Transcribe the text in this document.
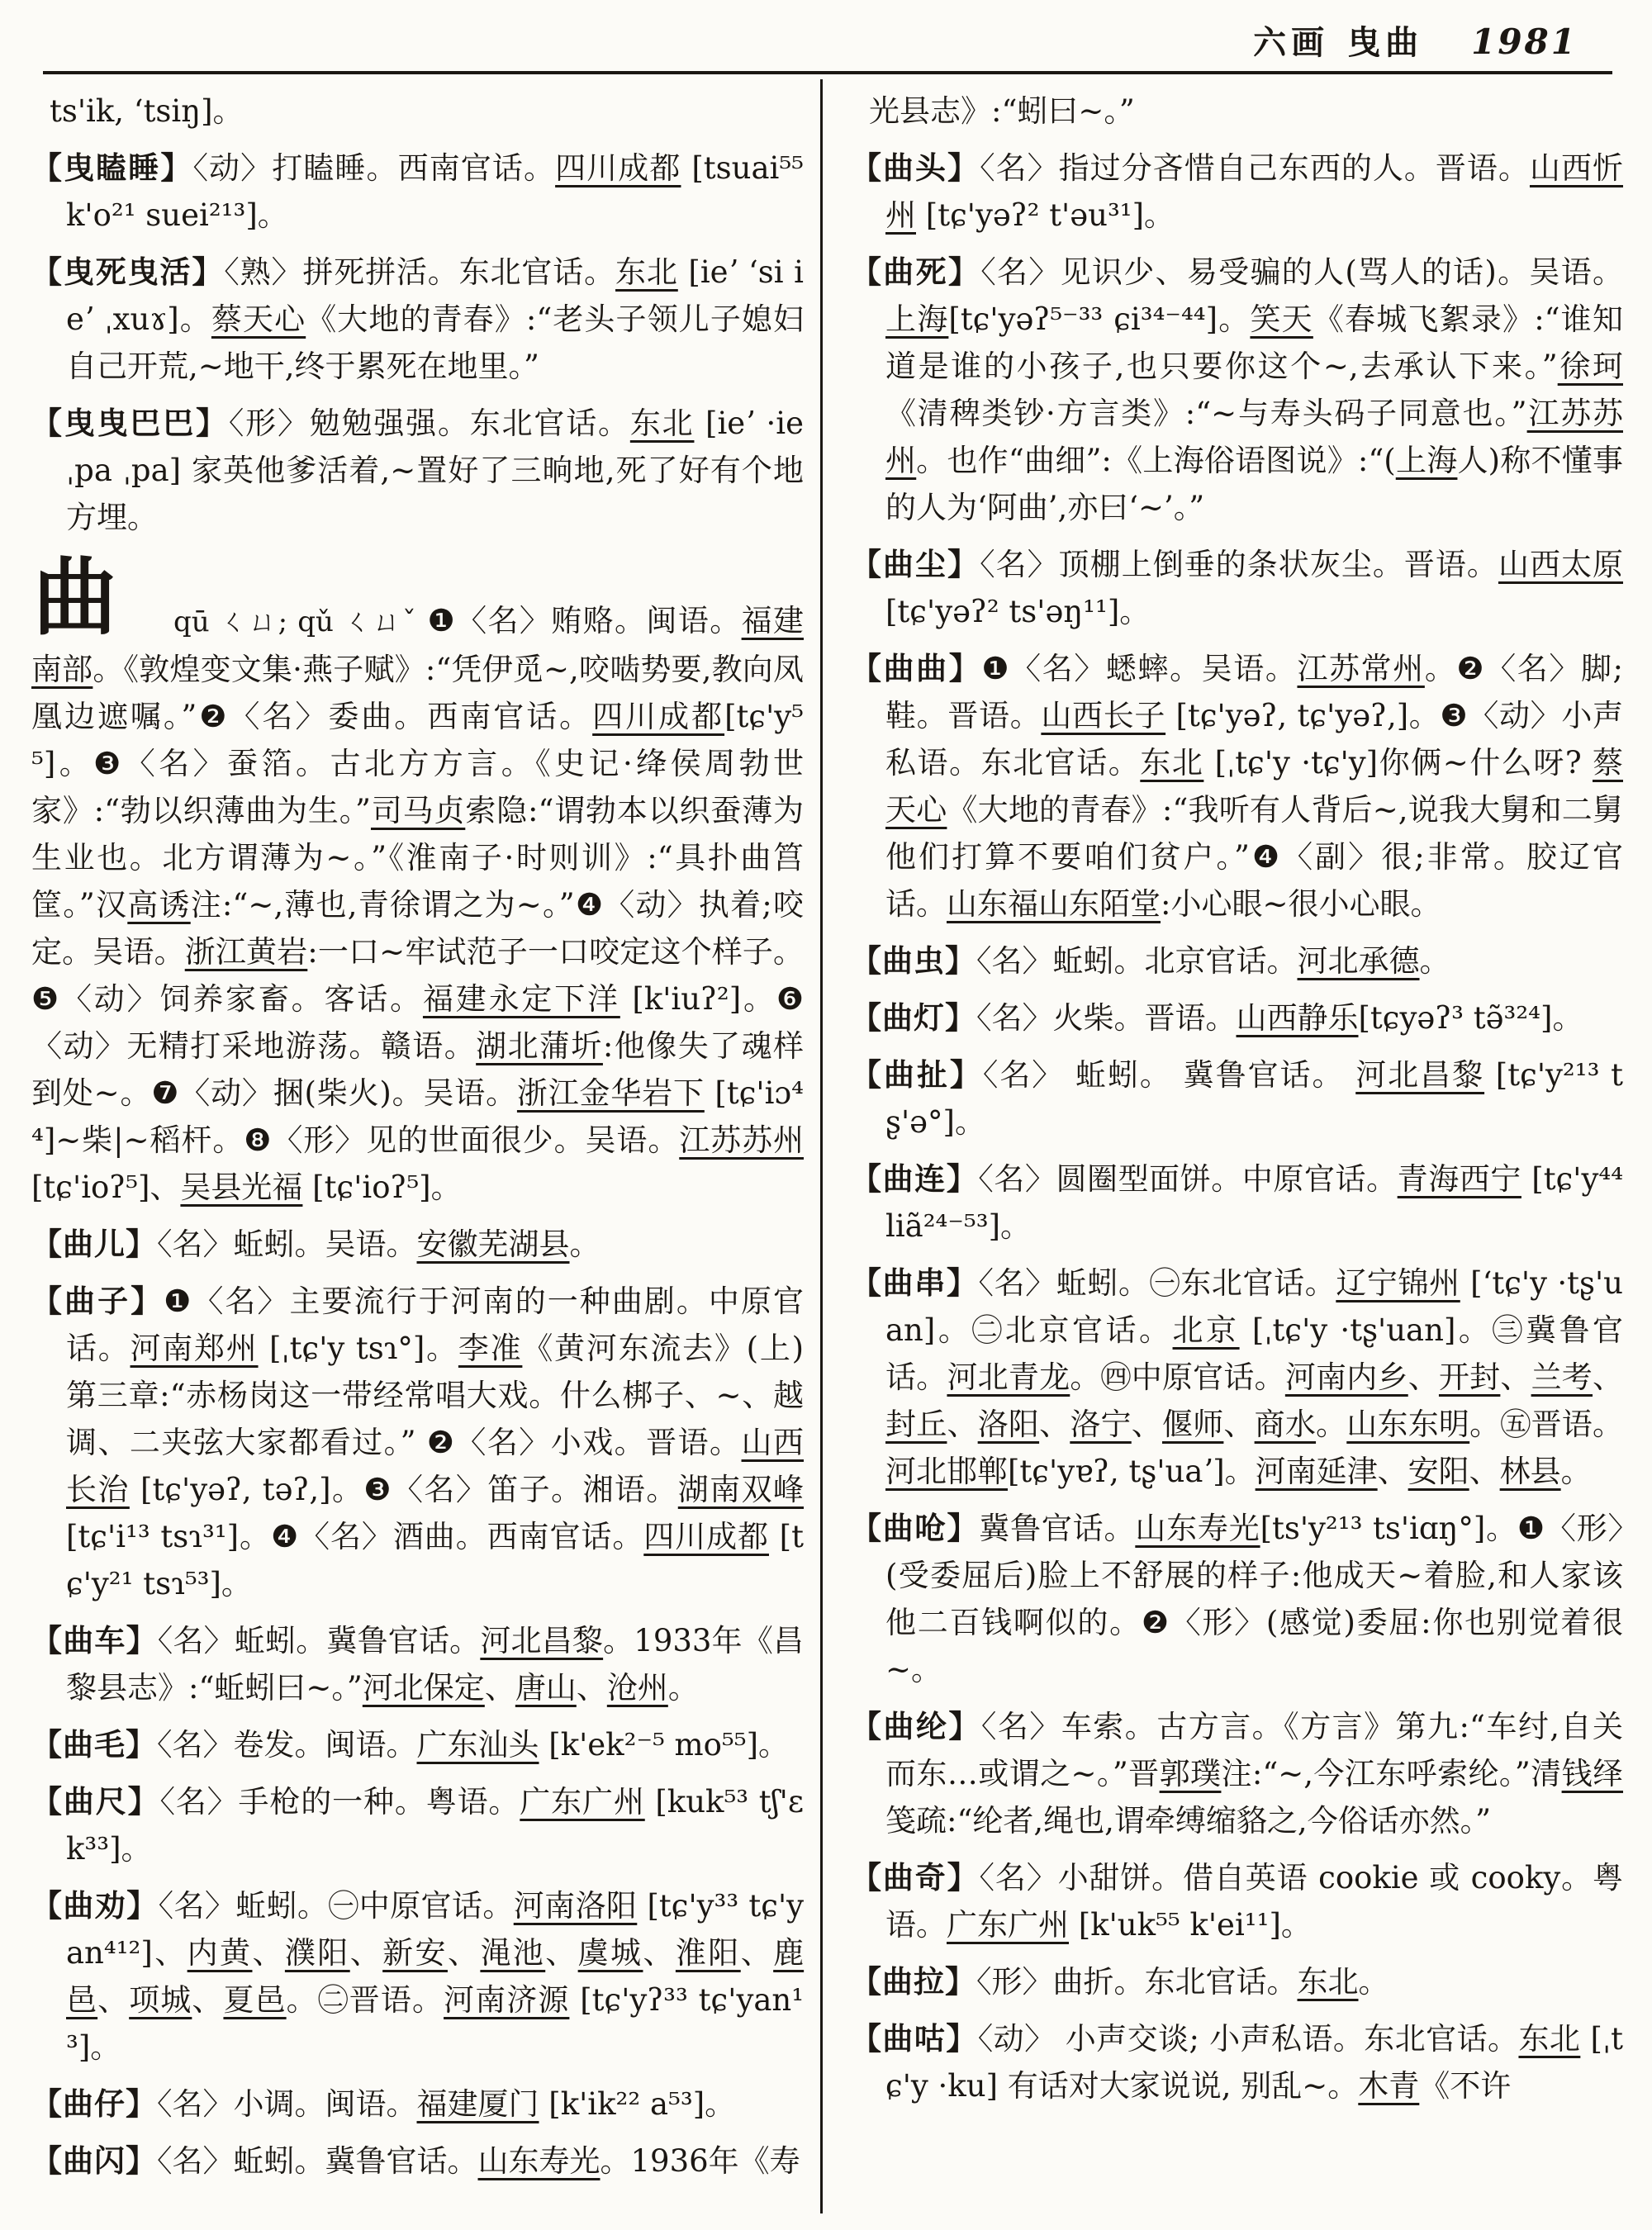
六画 曳曲 1981

ts'ik, ʻtsiŋ]。

【曳瞌睡】〈动〉打瞌睡。西南官话。四川成都 [tsuai⁵⁵ k'o²¹ suei²¹³]。

【曳死曳活】〈熟〉拼死拼活。东北官话。东北 [ieʼ ʻsi ieʼ ˌxuɤ]。蔡天心《大地的青春》:“老头子领儿子媳妇自己开荒,~地干,终于累死在地里。”

【曳曳巴巴】〈形〉勉勉强强。东北官话。东北 [ieʼ ·ie ˌpa ˌpa] 家英他爹活着,~置好了三晌地,死了好有个地方埋。

曲	qū ㄑㄩ; qǔ ㄑㄩˇ ❶〈名〉贿赂。闽语。福建南部。《敦煌变文集·燕子赋》:“凭伊觅~,咬啮势要,教向凤凰边遮嘱。”❷〈名〉委曲。西南官话。四川成都[tɕ'y⁵⁵]。❸〈名〉蚕箔。古北方方言。《史记·绛侯周勃世家》:“勃以织薄曲为生。”司马贞索隐:“谓勃本以织蚕薄为生业也。北方谓薄为~。”《淮南子·时则训》:“具扑曲筥筐。”汉高诱注:“~,薄也,青徐谓之为~。”❹〈动〉执着;咬定。吴语。浙江黄岩:一口~牢试范子一口咬定这个样子。❺〈动〉饲养家畜。客话。福建永定下洋 [k'iuʔ²]。❻〈动〉无精打采地游荡。赣语。湖北蒲圻:他像失了魂样到处~。❼〈动〉捆(柴火)。吴语。浙江金华岩下 [tɕ'iɔ⁴⁴]~柴|~稻杆。❽〈形〉见的世面很少。吴语。江苏苏州 [tɕ'ioʔ⁵]、吴县光福 [tɕ'ioʔ⁵]。

【曲儿】〈名〉蚯蚓。吴语。安徽芜湖县。

【曲子】❶〈名〉主要流行于河南的一种曲剧。中原官话。河南郑州 [ˌtɕ'y tsɿ°]。李准《黄河东流去》(上)第三章:“赤杨岗这一带经常唱大戏。什么梆子、~、越调、二夹弦大家都看过。” ❷〈名〉小戏。晋语。山西长治 [tɕ'yəʔ, təʔ,]。❸〈名〉笛子。湘语。湖南双峰 [tɕ'i¹³ tsɿ³¹]。❹〈名〉酒曲。西南官话。四川成都 [tɕ'y²¹ tsɿ⁵³]。

【曲车】〈名〉蚯蚓。冀鲁官话。河北昌黎。1933年《昌黎县志》:“蚯蚓曰~。”河北保定、唐山、沧州。

【曲毛】〈名〉卷发。闽语。广东汕头 [k'ek²⁻⁵ mo⁵⁵]。

【曲尺】〈名〉手枪的一种。粤语。广东广州 [kuk⁵³ tʃ'ɛk³³]。

【曲劝】〈名〉蚯蚓。㊀中原官话。河南洛阳 [tɕ'y³³ tɕ'yan⁴¹²]、内黄、濮阳、新安、渑池、虞城、淮阳、鹿邑、项城、夏邑。㊁晋语。河南济源 [tɕ'yʔ³³ tɕ'yan¹³]。

【曲仔】〈名〉小调。闽语。福建厦门 [k'ik²² a⁵³]。

【曲闪】〈名〉蚯蚓。冀鲁官话。山东寿光。1936年《寿

光县志》:“蚓曰~。”

【曲头】〈名〉指过分吝惜自己东西的人。晋语。山西忻州 [tɕ'yəʔ² t'əu³¹]。

【曲死】〈名〉见识少、易受骗的人(骂人的话)。吴语。上海[tɕ'yəʔ⁵⁻³³ ɕi³⁴⁻⁴⁴]。笑天《春城飞絮录》:“谁知道是谁的小孩子,也只要你这个~,去承认下来。”徐珂《清稗类钞·方言类》:“~与寿头码子同意也。”江苏苏州。也作“曲细”:《上海俗语图说》:“(上海人)称不懂事的人为‘阿曲’,亦曰‘~’。”

【曲尘】〈名〉顶棚上倒垂的条状灰尘。晋语。山西太原 [tɕ'yəʔ² ts'əŋ¹¹]。

【曲曲】❶〈名〉蟋蟀。吴语。江苏常州。❷〈名〉脚;鞋。晋语。山西长子 [tɕ'yəʔ, tɕ'yəʔ,]。❸〈动〉小声私语。东北官话。东北 [ˌtɕ'y ·tɕ'y]你俩~什么呀? 蔡天心《大地的青春》:“我听有人背后~,说我大舅和二舅他们打算不要咱们贫户。”❹〈副〉很;非常。胶辽官话。山东福山东陌堂:小心眼~很小心眼。

【曲虫】〈名〉蚯蚓。北京官话。河北承德。

【曲灯】〈名〉火柴。晋语。山西静乐[tɕyəʔ³ tə̃³²⁴]。

【曲扯】〈名〉 蚯蚓。 冀鲁官话。 河北昌黎 [tɕ'y²¹³ tʂ'ə°]。

【曲连】〈名〉圆圈型面饼。中原官话。青海西宁 [tɕ'y⁴⁴ liã²⁴⁻⁵³]。

【曲串】〈名〉蚯蚓。㊀东北官话。辽宁锦州 [ʻtɕ'y ·tʂ'uan]。㊁北京官话。北京 [ˌtɕ'y ·tʂ'uan]。㊂冀鲁官话。河北青龙。㊃中原官话。河南内乡、开封、兰考、封丘、洛阳、洛宁、偃师、商水。山东东明。㊄晋语。河北邯郸[tɕ'yɐʔ, tʂ'uaʼ]。河南延津、安阳、林县。

【曲呛】冀鲁官话。山东寿光[ts'y²¹³ ts'iɑŋ°]。❶〈形〉(受委屈后)脸上不舒展的样子:他成天~着脸,和人家该他二百钱啊似的。❷〈形〉(感觉)委屈:你也别觉着很~。

【曲纶】〈名〉车索。古方言。《方言》第九:“车纣,自关而东…或谓之~。”晋郭璞注:“~,今江东呼索纶。”清钱绎笺疏:“纶者,绳也,谓牵缚缩貉之,今俗话亦然。”

【曲奇】〈名〉小甜饼。借自英语 cookie 或 cooky。粤语。广东广州 [k'uk⁵⁵ k'ei¹¹]。

【曲拉】〈形〉曲折。东北官话。东北。

【曲咕】〈动〉 小声交谈; 小声私语。东北官话。东北 [ˌtɕ'y ·ku] 有话对大家说说, 别乱~。木青《不许
